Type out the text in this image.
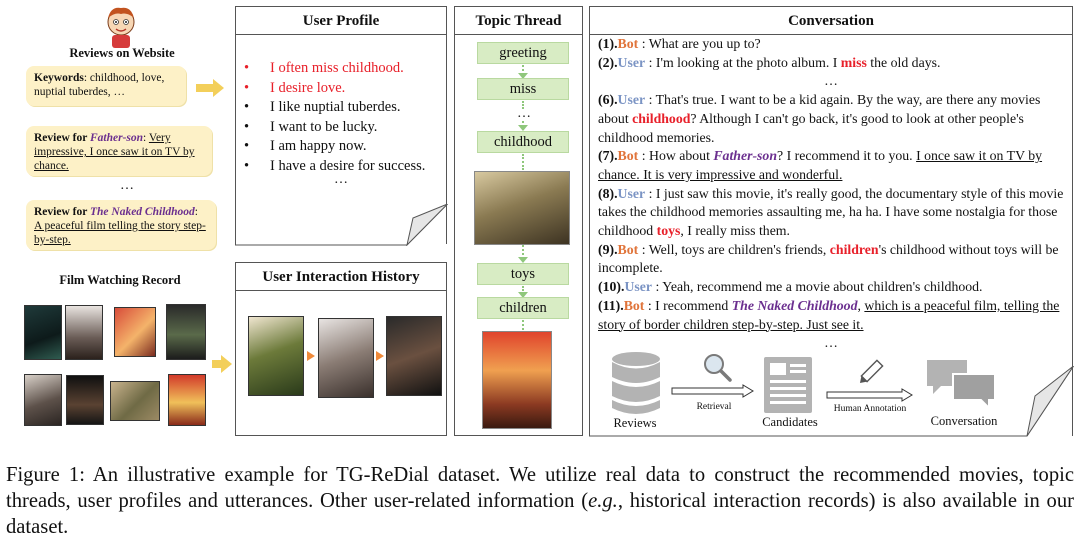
Reviews on Website
Keywords: childhood, love, nuptial tuberdes, …
Review for Father-son: Very impressive, I once saw it on TV by chance.
…
Review for The Naked Childhood: A peaceful film telling the story step-by-step.
Film Watching Record
User Profile
• I often miss childhood.
• I desire love.
• I like nuptial tuberdes.
• I want to be lucky.
• I am happy now.
• I have a desire for success.
…
User Interaction History
Topic Thread
greeting
miss
…
childhood
toys
children
Conversation

(1).Bot : What are you up to?

(2).User : I'm looking at the photo album. I miss the old days.

…

(6).User : That's true. I want to be a kid again. By the way, are there any movies about childhood? Although I can't go back, it's good to look at other people's childhood memories.

(7).Bot : How about Father-son? I recommend it to you. I once saw it on TV by chance. It is very impressive and wonderful.

(8).User : I just saw this movie, it's really good, the documentary style of this movie takes the childhood memories assaulting me, ha ha. I have some nostalgia for those childhood toys, I really miss them.

(9).Bot : Well, toys are children's friends, children's childhood without toys will be incomplete.

(10).User : Yeah, recommend me a movie about children's childhood.

(11).Bot : I recommend The Naked Childhood, which is a peaceful film, telling the story of border children step-by-step. Just see it.

…

Reviews
Retrieval
Candidates
Human Annotation
Conversation
Figure 1: An illustrative example for TG-ReDial dataset. We utilize real data to construct the recommended movies, topic threads, user profiles and utterances. Other user-related information (e.g., historical interaction records) is also available in our dataset.
